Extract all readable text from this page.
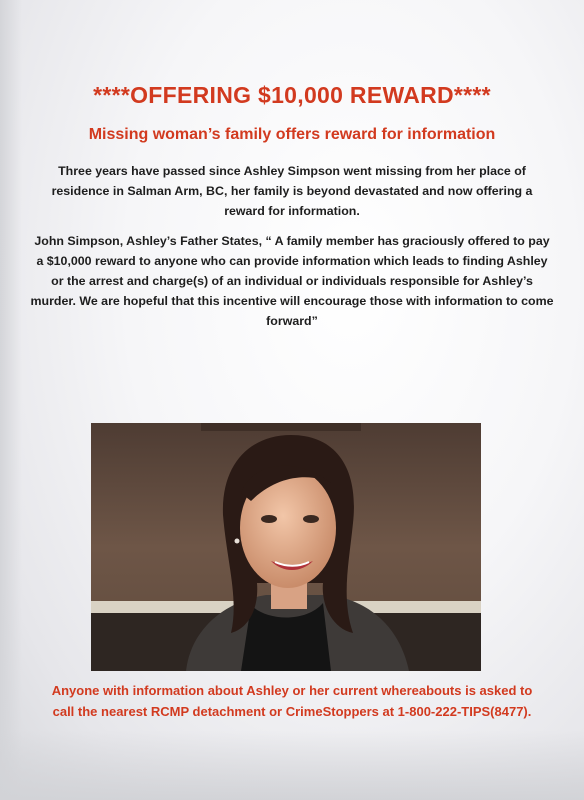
****OFFERING $10,000 REWARD****
Missing woman’s family offers reward for information
Three years have passed since Ashley Simpson went missing from her place of residence in Salman Arm, BC, her family is beyond devastated and now offering a reward for information.
John Simpson, Ashley’s Father States, “ A family member has graciously offered to pay a $10,000 reward to anyone who can provide information which leads to finding Ashley or the arrest and charge(s) of an individual or individuals responsible for Ashley’s murder. We are hopeful that this incentive will encourage those with information to come forward”
Anyone with information about Ashley or her current whereabouts is asked to call the nearest RCMP detachment or CrimeStoppers at 1-800-222-TIPS(8477).
